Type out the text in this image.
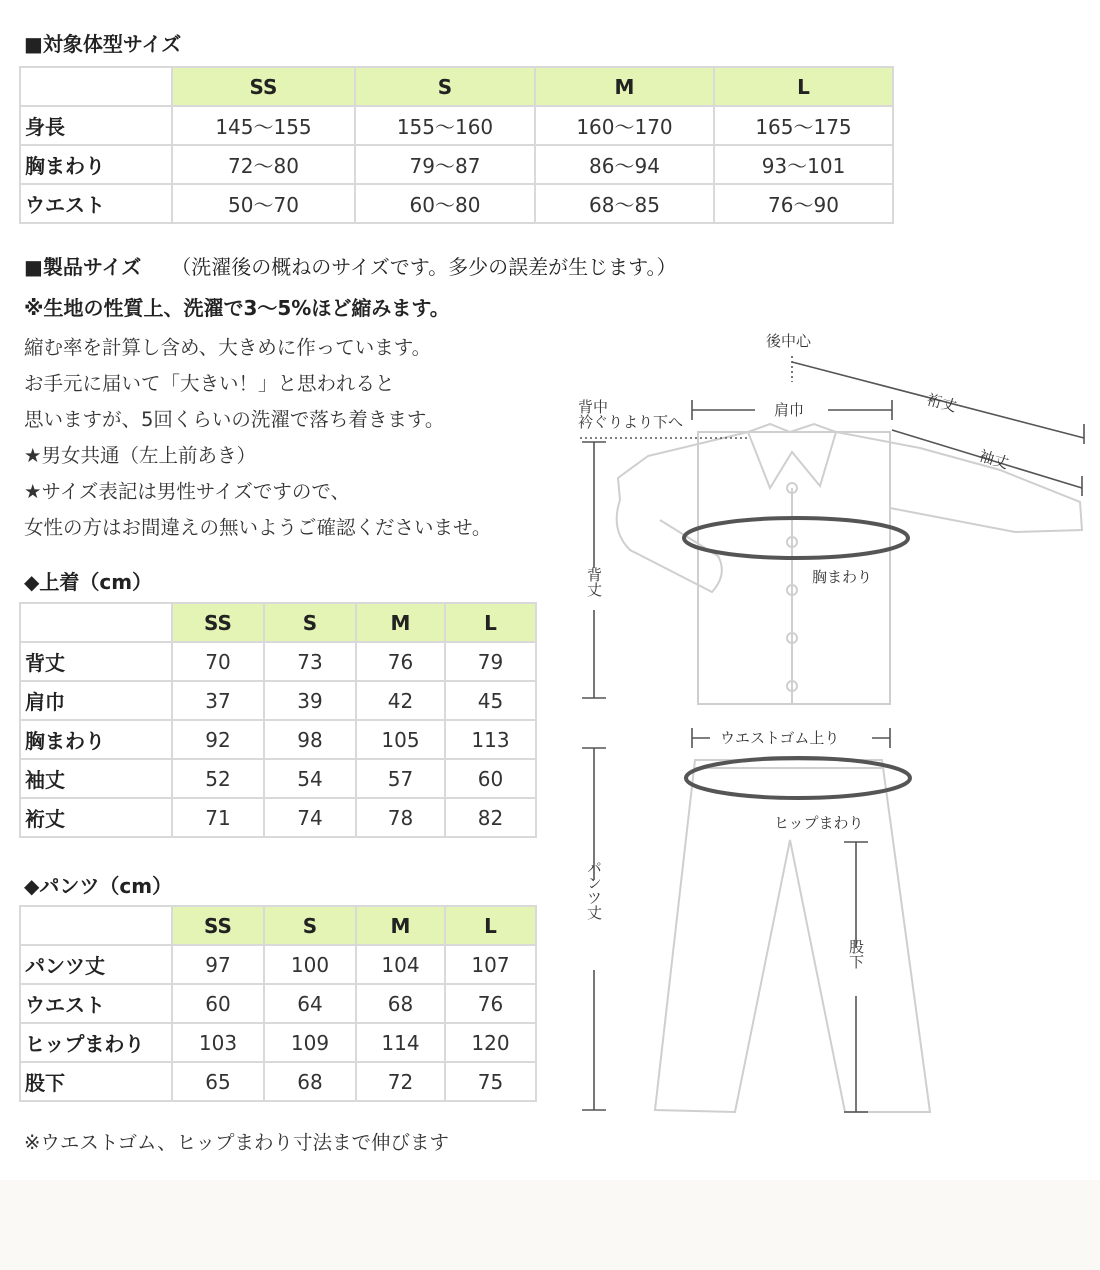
■対象体型サイズ
	SS	S	M	L
身長	145〜155	155〜160	160〜170	165〜175
胸まわり	72〜80	79〜87	86〜94	93〜101
ウエスト	50〜70	60〜80	68〜85	76〜90
■製品サイズ （洗濯後の概ねのサイズです。多少の誤差が生じます。）
※生地の性質上、洗濯で3〜5%ほど縮みます。
縮む率を計算し含め、大きめに作っています。
お手元に届いて「大きい！」と思われると
思いますが、5回くらいの洗濯で落ち着きます。
★男女共通（左上前あき）
★サイズ表記は男性サイズですので、
女性の方はお間違えの無いようご確認くださいませ。
◆上着（cm）
	SS	S	M	L
背丈	70	73	76	79
肩巾	37	39	42	45
胸まわり	92	98	105	113
袖丈	52	54	57	60
裄丈	71	74	78	82
◆パンツ（cm）
	SS	S	M	L
パンツ丈	97	100	104	107
ウエスト	60	64	68	76
ヒップまわり	103	109	114	120
股下	65	68	72	75
※ウエストゴム、ヒップまわり寸法まで伸びます
後中心
背中
衿ぐりより下へ
肩巾	裄丈
袖丈
胸まわり
背丈
ウエストゴム上り
ヒップまわり
パンツ丈
股下
